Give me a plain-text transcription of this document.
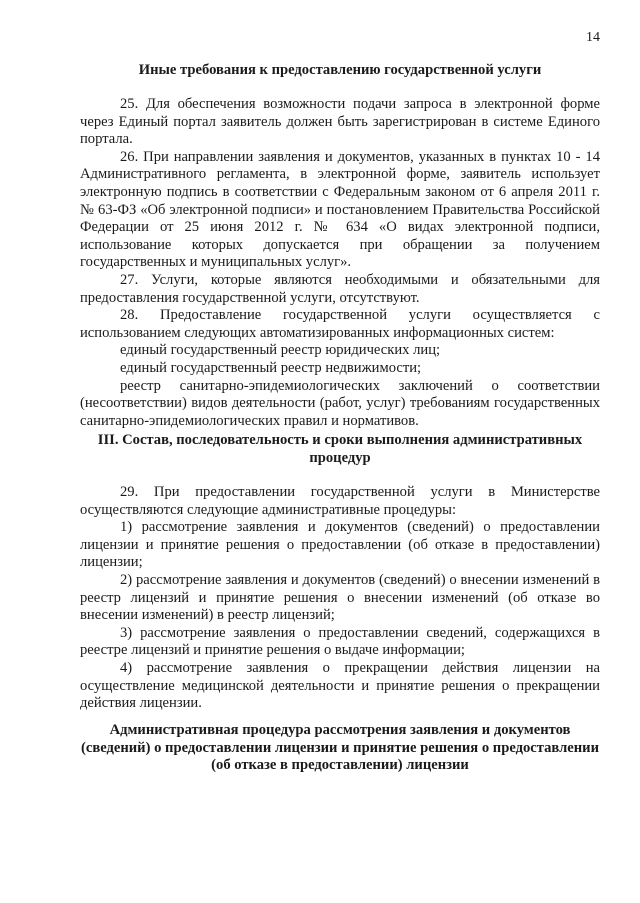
14
Иные требования к предоставлению государственной услуги

25. Для обеспечения возможности подачи запроса в электронной форме через Единый портал заявитель должен быть зарегистрирован в системе Единого портала.

26. При направлении заявления и документов, указанных в пунктах 10 - 14 Административного регламента, в электронной форме, заявитель использует электронную подпись в соответствии с Федеральным законом от 6 апреля 2011 г. № 63-ФЗ «Об электронной подписи» и постановлением Правительства Российской Федерации от 25 июня 2012 г. № 634 «О видах электронной подписи, использование которых допускается при обращении за получением государственных и муниципальных услуг».

27. Услуги, которые являются необходимыми и обязательными для предоставления государственной услуги, отсутствуют.

28. Предоставление государственной услуги осуществляется с использованием следующих автоматизированных информационных систем:

единый государственный реестр юридических лиц;

единый государственный реестр недвижимости;

реестр санитарно-эпидемиологических заключений о соответствии (несоответствии) видов деятельности (работ, услуг) требованиям государственных санитарно-эпидемиологических правил и нормативов.

III. Состав, последовательность и сроки выполнения административных процедур

29. При предоставлении государственной услуги в Министерстве осуществляются следующие административные процедуры:

1) рассмотрение заявления и документов (сведений) о предоставлении лицензии и принятие решения о предоставлении (об отказе в предоставлении) лицензии;

2) рассмотрение заявления и документов (сведений) о внесении изменений в реестр лицензий и принятие решения о внесении изменений (об отказе во внесении изменений) в реестр лицензий;

3) рассмотрение заявления о предоставлении сведений, содержащихся в реестре лицензий и принятие решения о выдаче информации;

4) рассмотрение заявления о прекращении действия лицензии на осуществление медицинской деятельности и принятие решения о прекращении действия лицензии.

Административная процедура рассмотрения заявления и документов (сведений) о предоставлении лицензии и принятие решения о предоставлении (об отказе в предоставлении) лицензии
